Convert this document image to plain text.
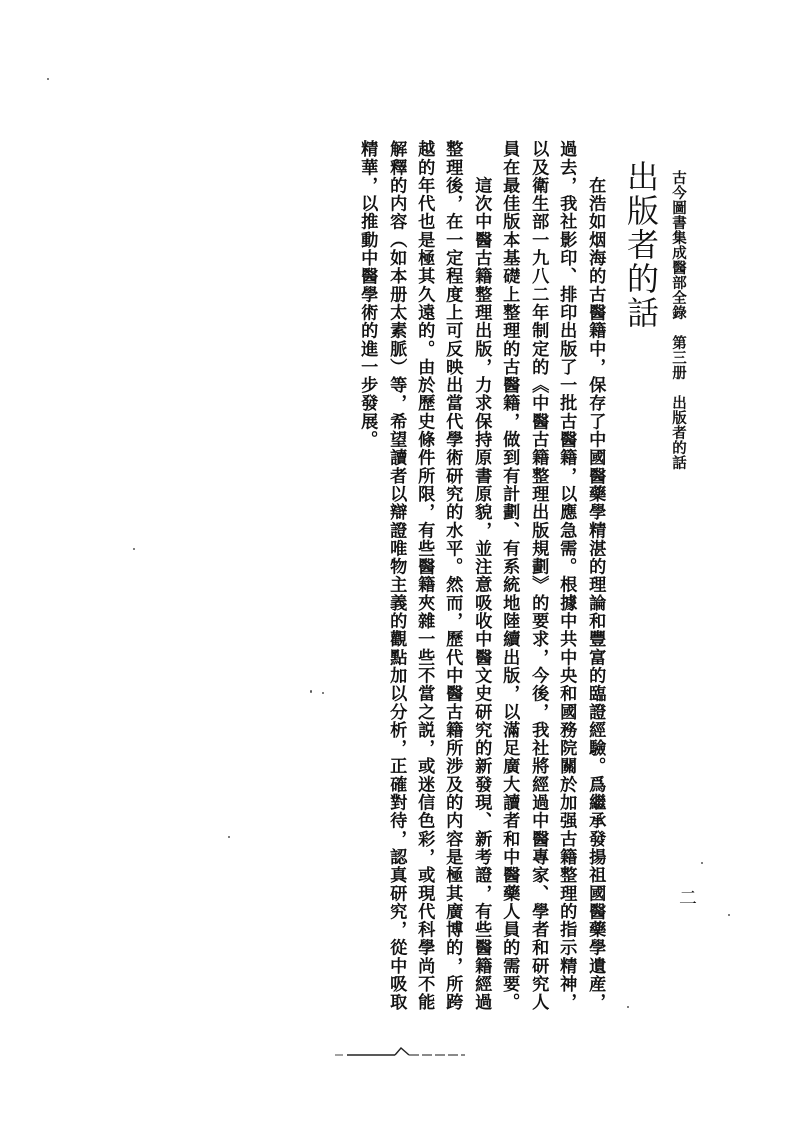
古今圖書集成醫部全錄　第三册　出版者的話
出版者的話
二

　　在浩如烟海的古醫籍中，保存了中國醫藥學精湛的理論和豐富的臨證經驗。爲繼承發揚祖國醫藥學遺産，

過去，我社影印、排印出版了一批古醫籍，以應急需。根據中共中央和國務院關於加强古籍整理的指示精神，

以及衛生部一九八二年制定的《中醫古籍整理出版規劃》的要求，今後，我社將經過中醫專家、學者和研究人

員在最佳版本基礎上整理的古醫籍，做到有計劃、有系統地陸續出版，以滿足廣大讀者和中醫藥人員的需要。

　　這次中醫古籍整理出版，力求保持原書原貌，並注意吸收中醫文史研究的新發現、新考證，有些醫籍經過

整理後，在一定程度上可反映出當代學術研究的水平。然而，歷代中醫古籍所涉及的内容是極其廣博的，所跨

越的年代也是極其久遠的。由於歷史條件所限，有些醫籍夾雜一些不當之説，或迷信色彩，或現代科學尚不能

解釋的内容（如本册太素脈）等，希望讀者以辯證唯物主義的觀點加以分析，正確對待，認真研究，從中吸取

精華，以推動中醫學術的進一步發展。
